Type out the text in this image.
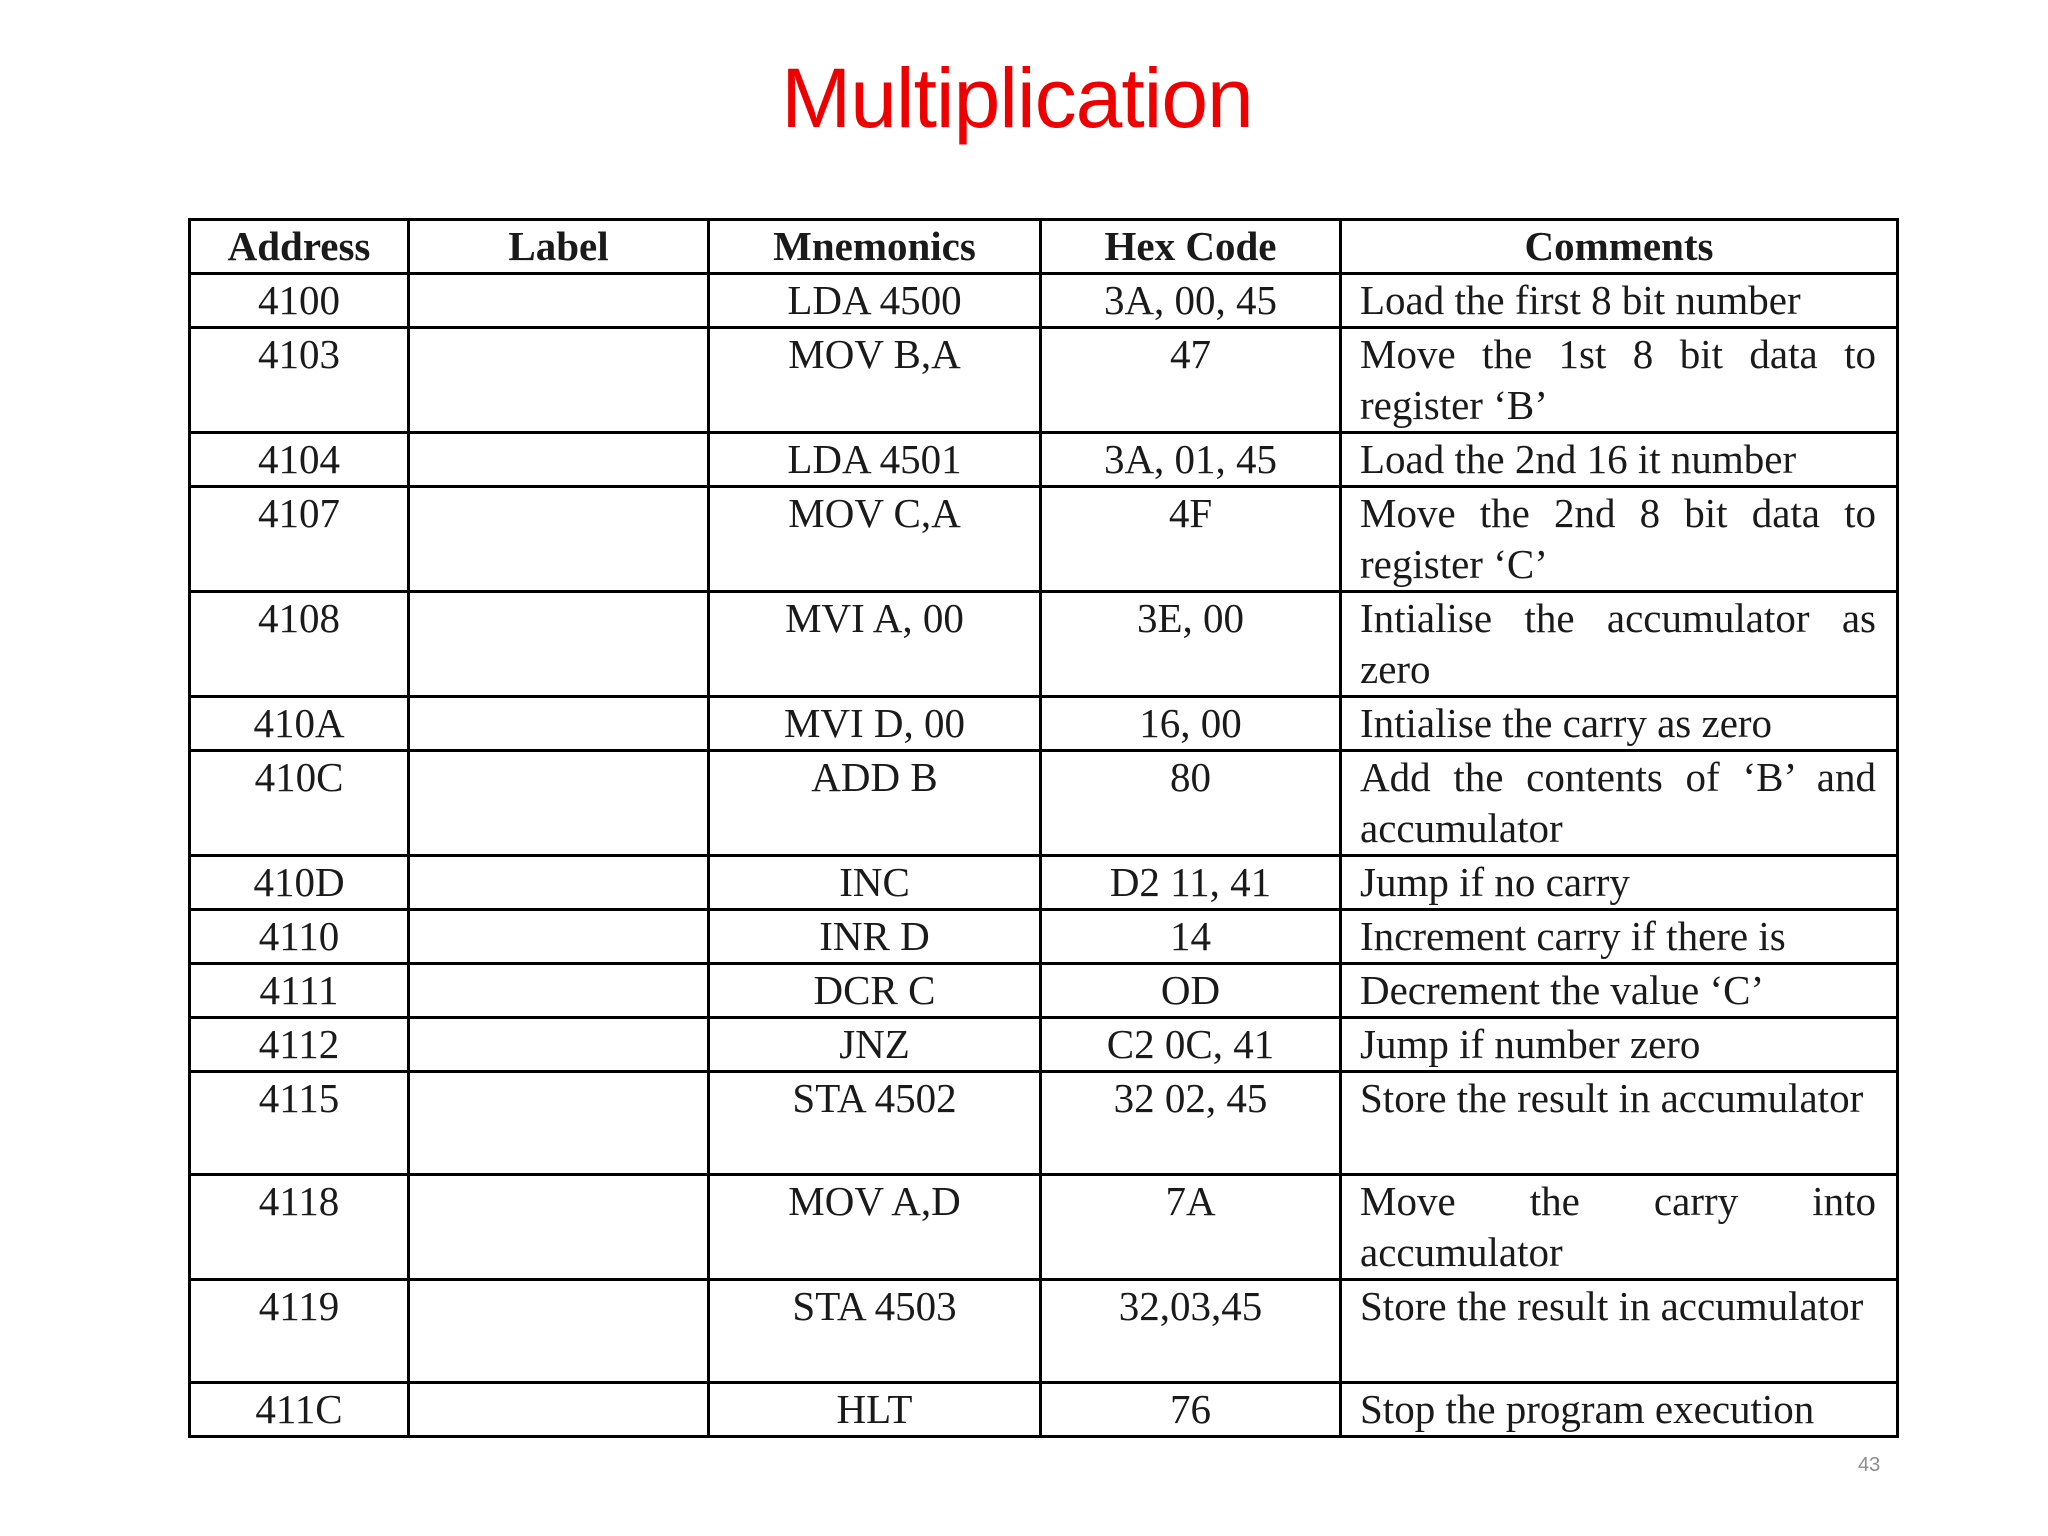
Multiplication
Address	Label	Mnemonics	Hex Code	Comments
4100		LDA 4500	3A, 00, 45	Load the first 8 bit number
4103		MOV B,A	47	Move the 1st 8 bit data to register ‘B’
4104		LDA 4501	3A, 01, 45	Load the 2nd 16 it number
4107		MOV C,A	4F	Move the 2nd 8 bit data to register ‘C’
4108		MVI A, 00	3E, 00	Intialise the accumulator as zero
410A		MVI D, 00	16, 00	Intialise the carry as zero
410C		ADD B	80	Add the contents of ‘B’ and accumulator
410D		INC	D2 11, 41	Jump if no carry
4110		INR D	14	Increment carry if there is
4111		DCR C	OD	Decrement the value ‘C’
4112		JNZ	C2 0C, 41	Jump if number zero
4115		STA 4502	32 02, 45	Store the result in accumulator
4118		MOV A,D	7A	Move the carry into accumulator
4119		STA 4503	32,03,45	Store the result in accumulator
411C		HLT	76	Stop the program execution
43
